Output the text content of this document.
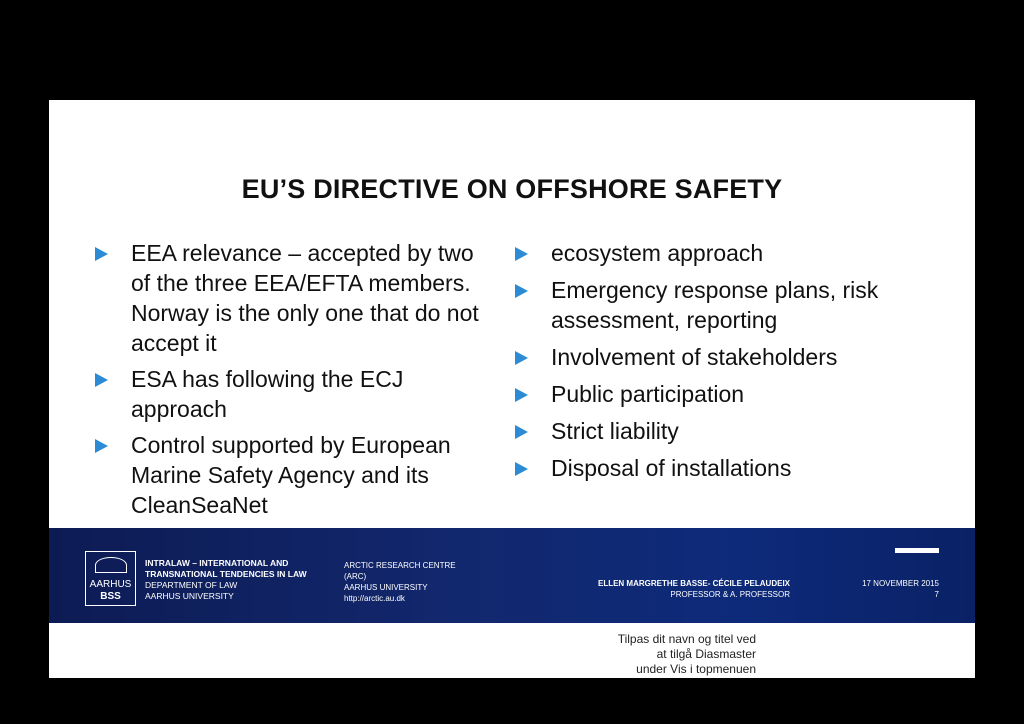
EU’S DIRECTIVE ON OFFSHORE SAFETY
EEA relevance – accepted by two of the three EEA/EFTA members. Norway is the only one that do not accept it
ESA has following the ECJ approach
Control supported by European Marine Safety Agency and its CleanSeaNet
ecosystem approach
Emergency response plans, risk assessment, reporting
Involvement of stakeholders
Public participation
Strict liability
Disposal of installations
AARHUS
BSS
INTRALAW – INTERNATIONAL AND
TRANSNATIONAL TENDENCIES IN LAW
DEPARTMENT OF LAW
AARHUS UNIVERSITY
ARCTIC RESEARCH CENTRE
(ARC)
AARHUS UNIVERSITY
http://arctic.au.dk
ELLEN MARGRETHE BASSE- CÉCILE PELAUDEIX
PROFESSOR & A. PROFESSOR
17 NOVEMBER 2015
7
Tilpas dit navn og titel ved
at tilgå Diasmaster
under Vis i topmenuen
